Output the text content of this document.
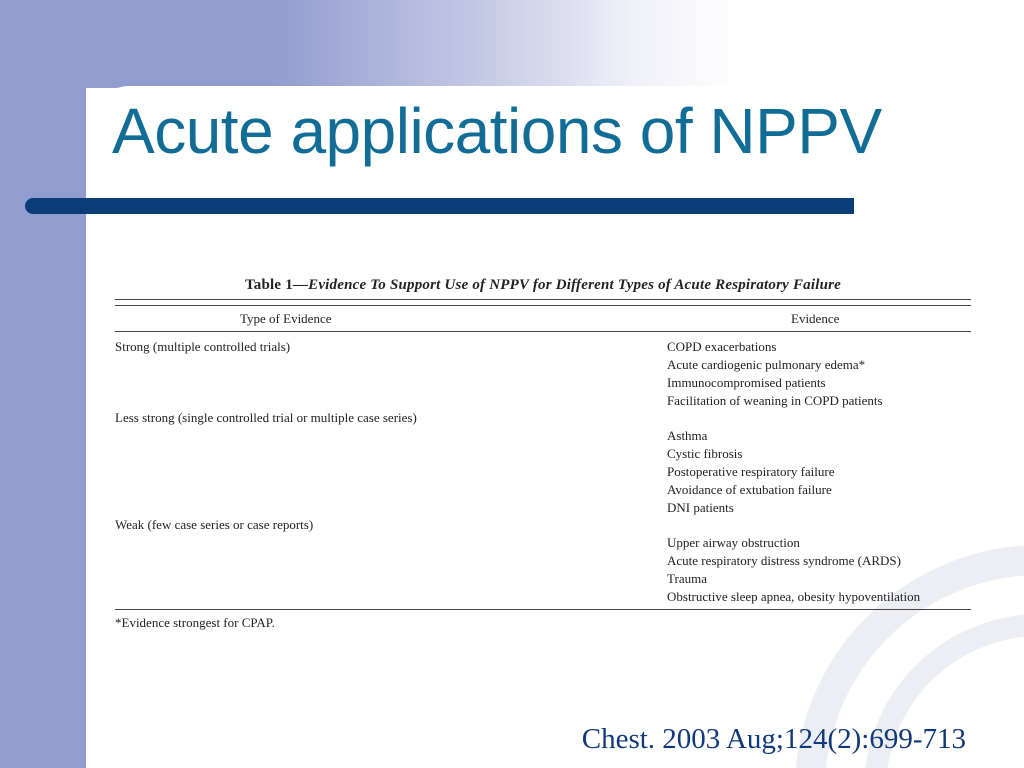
Acute applications of NPPV
Table 1—Evidence To Support Use of NPPV for Different Types of Acute Respiratory Failure
Type of Evidence	Evidence
Strong (multiple controlled trials)	COPD exacerbations
Acute cardiogenic pulmonary edema*
Immunocompromised patients
Facilitation of weaning in COPD patients
Less strong (single controlled trial or multiple case series)
Asthma
Cystic fibrosis
Postoperative respiratory failure
Avoidance of extubation failure
DNI patients
Weak (few case series or case reports)
Upper airway obstruction
Acute respiratory distress syndrome (ARDS)
Trauma
Obstructive sleep apnea, obesity hypoventilation
*Evidence strongest for CPAP.
Chest. 2003 Aug;124(2):699-713
